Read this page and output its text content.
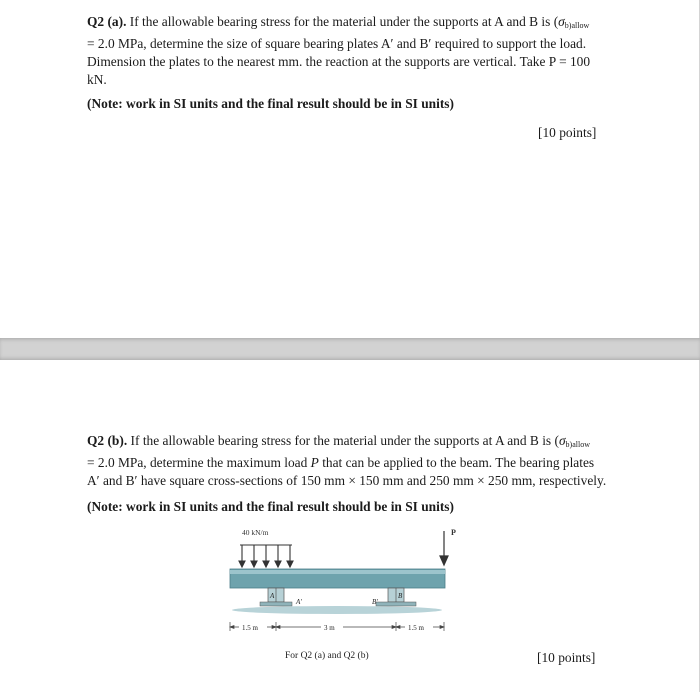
Q2 (a). If the allowable bearing stress for the material under the supports at A and B is ($\sigma_{b)allow}$
= 2.0 MPa, determine the size of square bearing plates A′ and B′ required to support the load.
Dimension the plates to the nearest mm. the reaction at the supports are vertical. Take P = 100
kN.
(Note: work in SI units and the final result should be in SI units)
[10 points]
Q2 (b). If the allowable bearing stress for the material under the supports at A and B is ($\sigma_{b)allow}$
= 2.0 MPa, determine the maximum load P that can be applied to the beam. The bearing plates
A′ and B′ have square cross-sections of 150 mm × 150 mm and 250 mm × 250 mm, respectively.
(Note: work in SI units and the final result should be in SI units)
40 kN/m	P
A
A′
B
B′
1.5 m	3 m	1.5 m
For Q2 (a) and Q2 (b)	[10 points]
